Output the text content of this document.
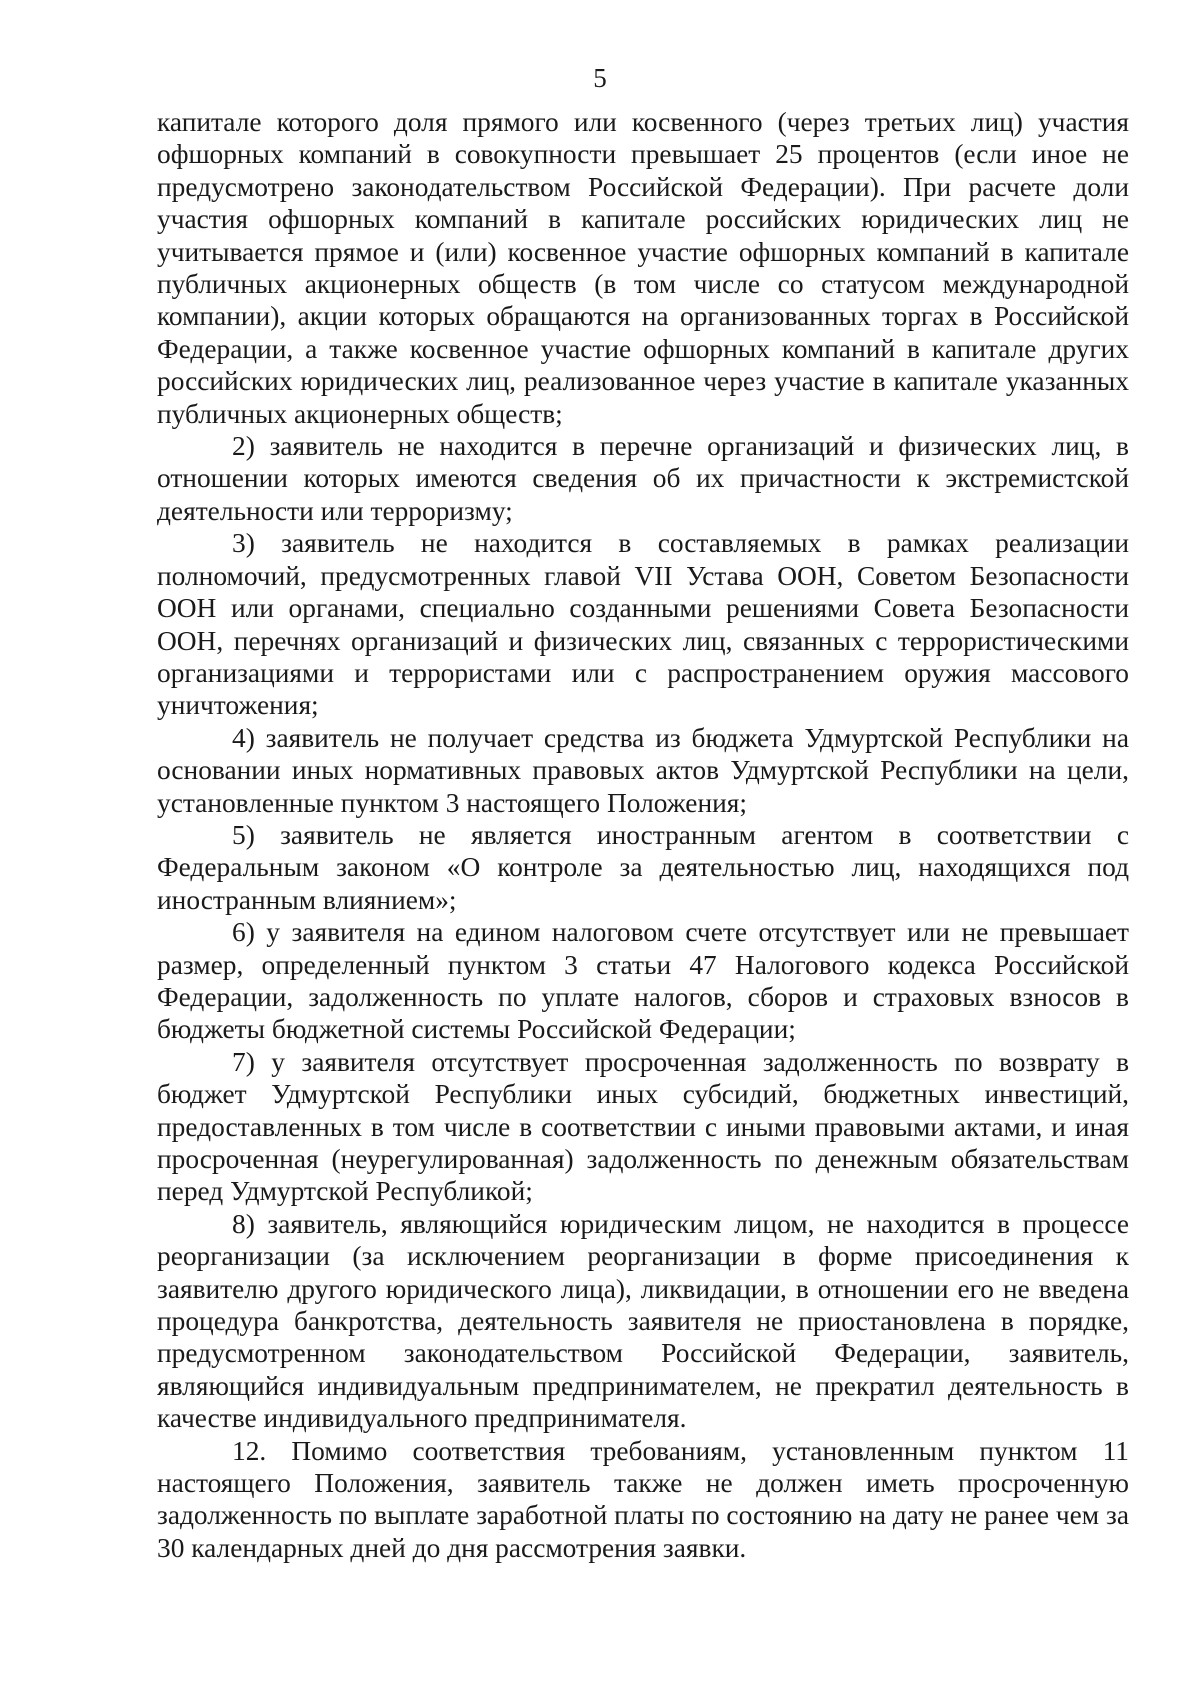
5

капитале которого доля прямого или косвенного (через третьих лиц) участия офшорных компаний в совокупности превышает 25 процентов (если иное не предусмотрено законодательством Российской Федерации). При расчете доли участия офшорных компаний в капитале российских юридических лиц не учитывается прямое и (или) косвенное участие офшорных компаний в капитале публичных акционерных обществ (в том числе со статусом международной компании), акции которых обращаются на организованных торгах в Российской Федерации, а также косвенное участие офшорных компаний в капитале других российских юридических лиц, реализованное через участие в капитале указанных публичных акционерных обществ;

2) заявитель не находится в перечне организаций и физических лиц, в отношении которых имеются сведения об их причастности к экстремистской деятельности или терроризму;

3) заявитель не находится в составляемых в рамках реализации полномочий, предусмотренных главой VII Устава ООН, Советом Безопасности ООН или органами, специально созданными решениями Совета Безопасности ООН, перечнях организаций и физических лиц, связанных с террористическими организациями и террористами или с распространением оружия массового уничтожения;

4) заявитель не получает средства из бюджета Удмуртской Республики на основании иных нормативных правовых актов Удмуртской Республики на цели, установленные пунктом 3 настоящего Положения;

5) заявитель не является иностранным агентом в соответствии с Федеральным законом «О контроле за деятельностью лиц, находящихся под иностранным влиянием»;

6) у заявителя на едином налоговом счете отсутствует или не превышает размер, определенный пунктом 3 статьи 47 Налогового кодекса Российской Федерации, задолженность по уплате налогов, сборов и страховых взносов в бюджеты бюджетной системы Российской Федерации;

7) у заявителя отсутствует просроченная задолженность по возврату в бюджет Удмуртской Республики иных субсидий, бюджетных инвестиций, предоставленных в том числе в соответствии с иными правовыми актами, и иная просроченная (неурегулированная) задолженность по денежным обязательствам перед Удмуртской Республикой;

8) заявитель, являющийся юридическим лицом, не находится в процессе реорганизации (за исключением реорганизации в форме присоединения к заявителю другого юридического лица), ликвидации, в отношении его не введена процедура банкротства, деятельность заявителя не приостановлена в порядке, предусмотренном законодательством Российской Федерации, заявитель, являющийся индивидуальным предпринимателем, не прекратил деятельность в качестве индивидуального предпринимателя.

12. Помимо соответствия требованиям, установленным пунктом 11 настоящего Положения, заявитель также не должен иметь просроченную задолженность по выплате заработной платы по состоянию на дату не ранее чем за 30 календарных дней до дня рассмотрения заявки.
